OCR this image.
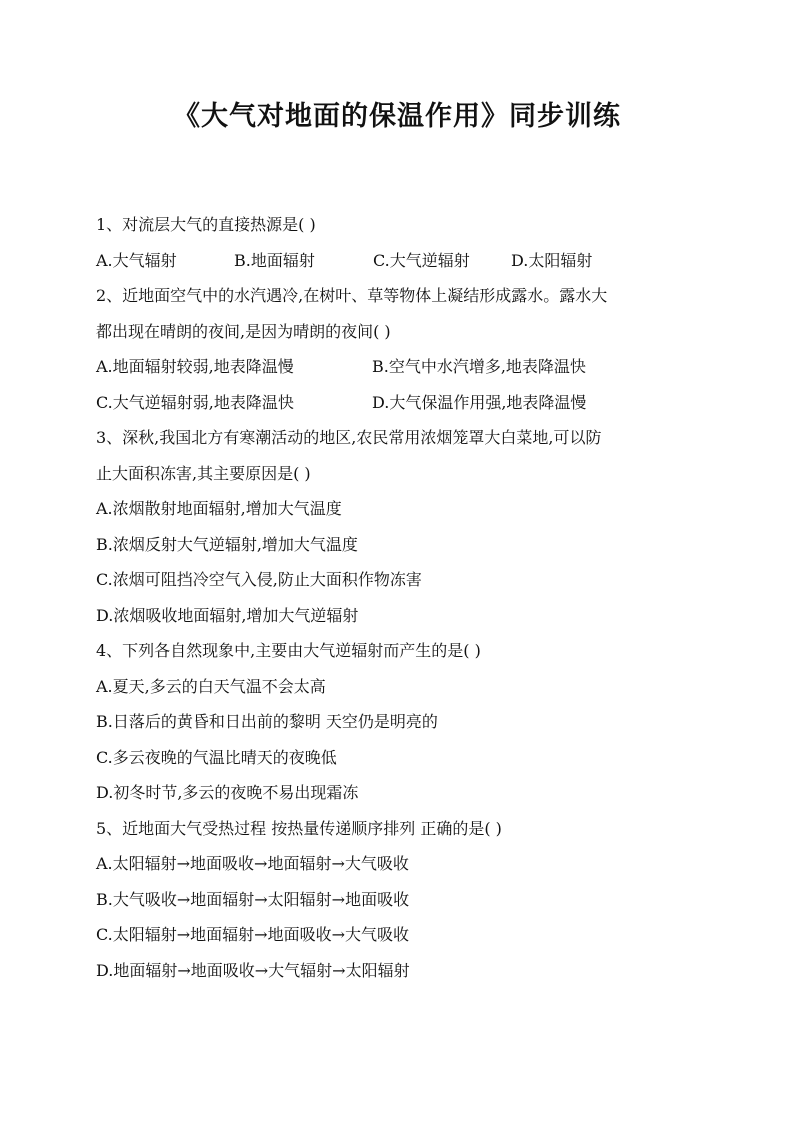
《大气对地面的保温作用》同步训练
1、对流层大气的直接热源是( )
A.大气辐射	B.地面辐射	C.大气逆辐射	D.太阳辐射
2、近地面空气中的水汽遇冷,在树叶、草等物体上凝结形成露水。露水大
都出现在晴朗的夜间,是因为晴朗的夜间( )
A.地面辐射较弱,地表降温慢	B.空气中水汽增多,地表降温快
C.大气逆辐射弱,地表降温快	D.大气保温作用强,地表降温慢
3、深秋,我国北方有寒潮活动的地区,农民常用浓烟笼罩大白菜地,可以防
止大面积冻害,其主要原因是( )
A.浓烟散射地面辐射,增加大气温度
B.浓烟反射大气逆辐射,增加大气温度
C.浓烟可阻挡冷空气入侵,防止大面积作物冻害
D.浓烟吸收地面辐射,增加大气逆辐射
4、下列各自然现象中,主要由大气逆辐射而产生的是( )
A.夏天,多云的白天气温不会太高
B.日落后的黄昏和日出前的黎明 天空仍是明亮的
C.多云夜晚的气温比晴天的夜晚低
D.初冬时节,多云的夜晚不易出现霜冻
5、近地面大气受热过程 按热量传递顺序排列 正确的是( )
A.太阳辐射→地面吸收→地面辐射→大气吸收
B.大气吸收→地面辐射→太阳辐射→地面吸收
C.太阳辐射→地面辐射→地面吸收→大气吸收
D.地面辐射→地面吸收→大气辐射→太阳辐射
